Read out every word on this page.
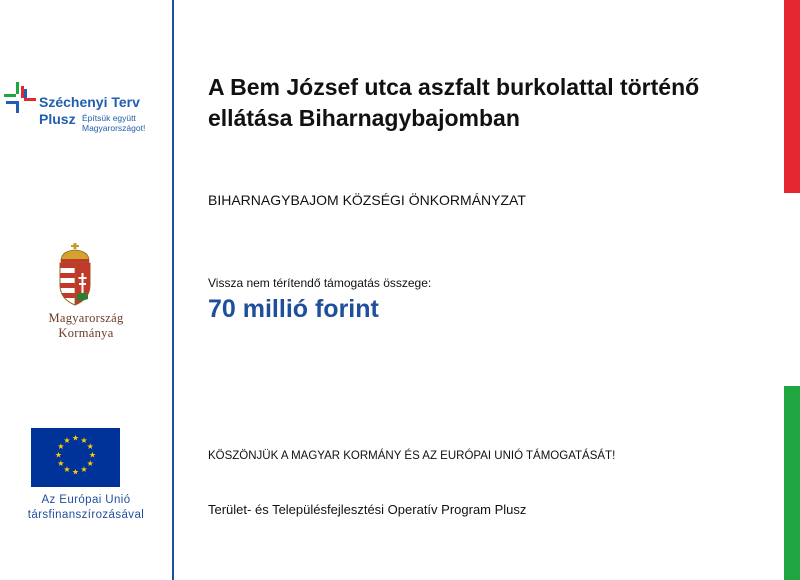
Széchenyi Terv
Plusz Építsük együtt
Magyarországot!
Magyarország
Kormánya
★ ★
★
★
★
★
★
★
★
★
★
★
Az Európai Unió
társfinanszírozásával
A Bem József utca aszfalt burkolattal történő ellátása Biharnagybajomban
BIHARNAGYBAJOM KÖZSÉGI ÖNKORMÁNYZAT
Vissza nem térítendő támogatás összege:
70 millió forint
KÖSZÖNJÜK A MAGYAR KORMÁNY ÉS AZ EURÓPAI UNIÓ TÁMOGATÁSÁT!
Terület- és Településfejlesztési Operatív Program Plusz
